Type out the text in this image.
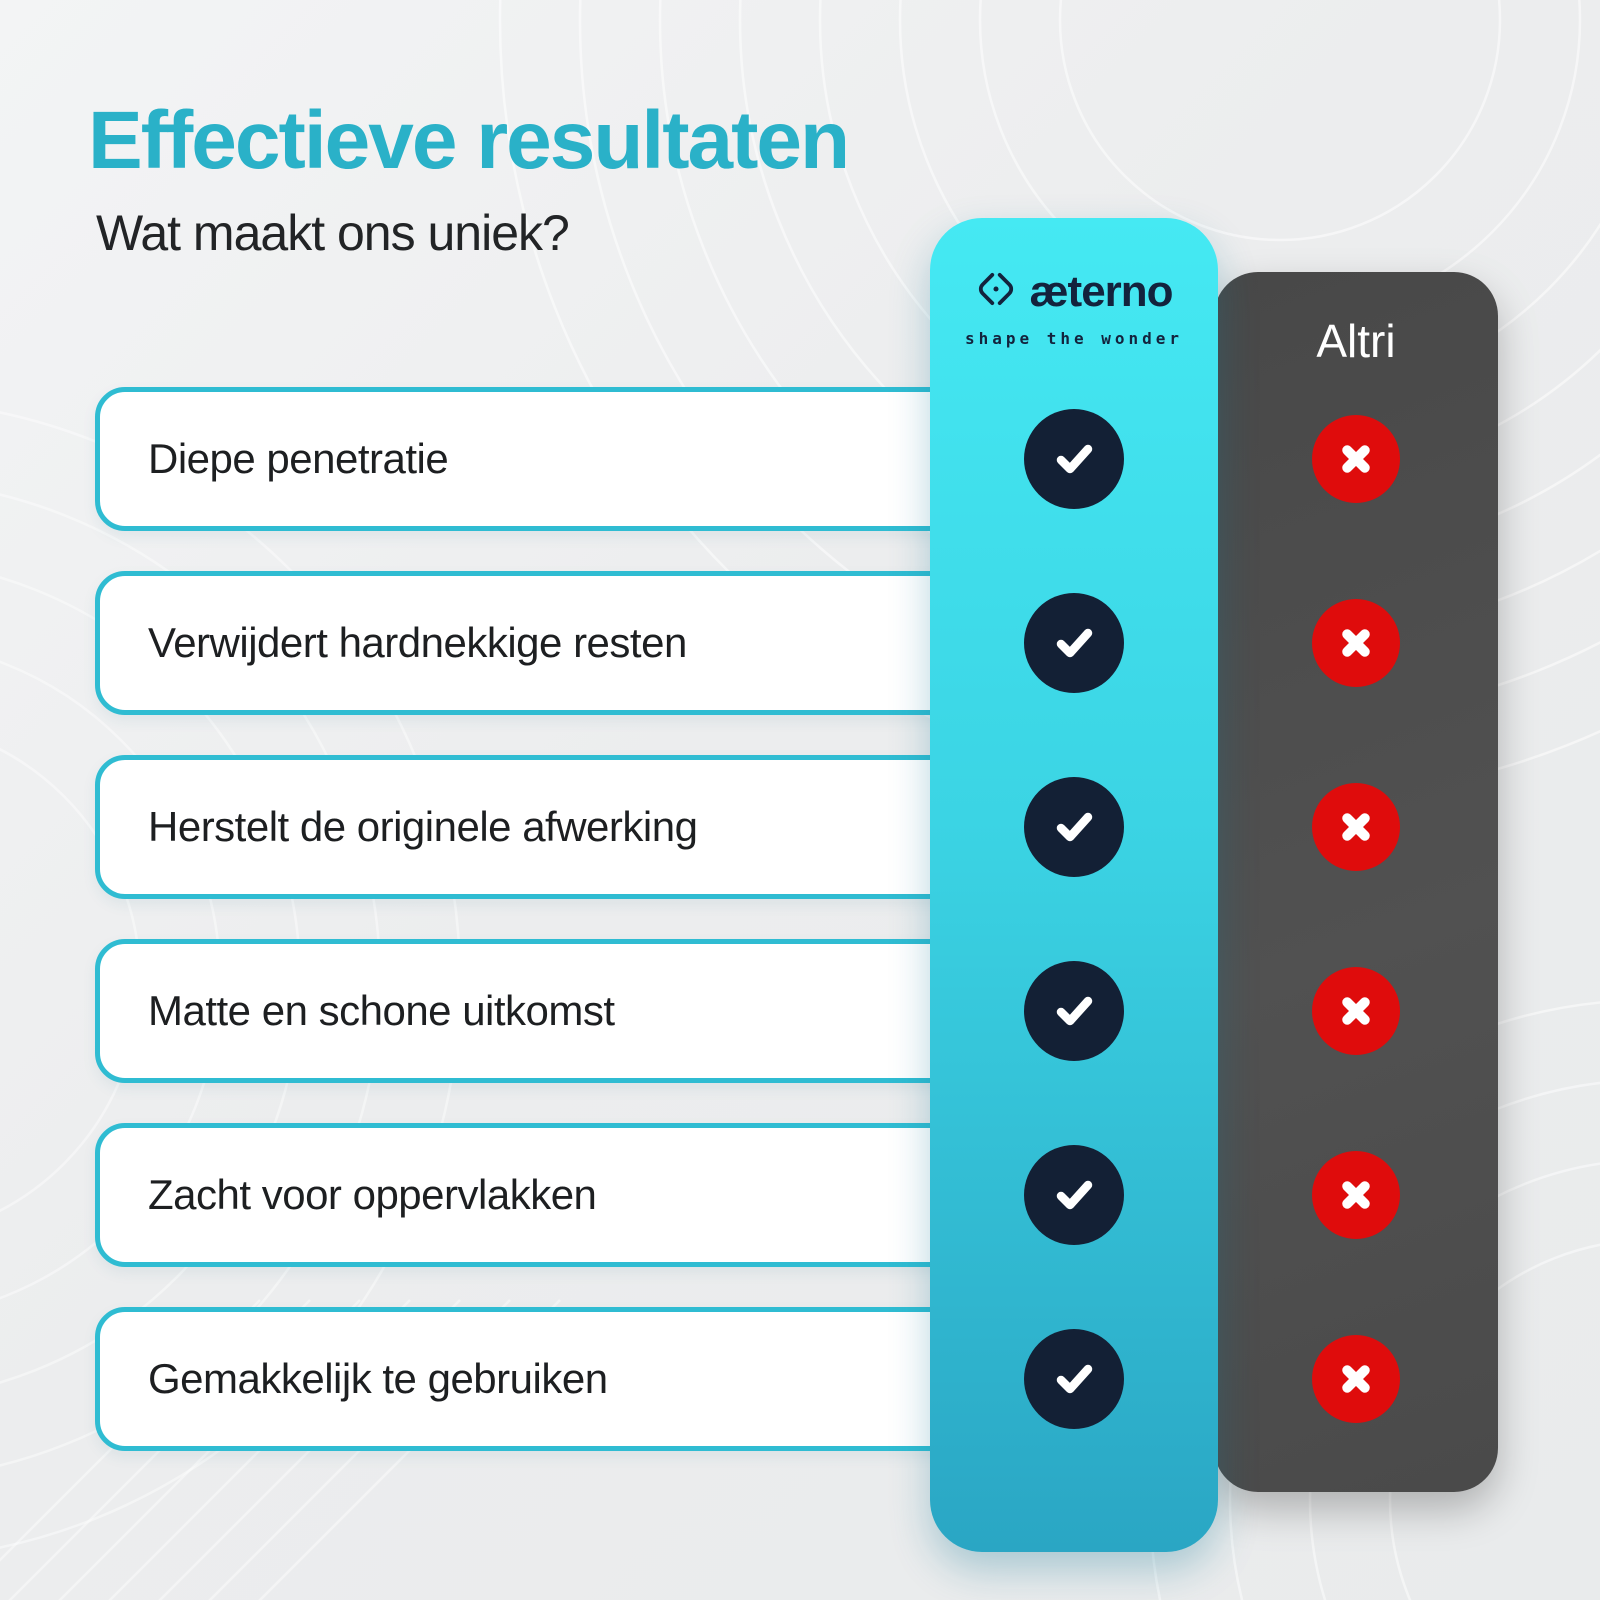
Effectieve resultaten
Wat maakt ons uniek?
Diepe penetratie
Verwijdert hardnekkige resten
Herstelt de originele afwerking
Matte en schone uitkomst
Zacht voor oppervlakken
Gemakkelijk te gebruiken
Altri
æterno
shape the wonder
